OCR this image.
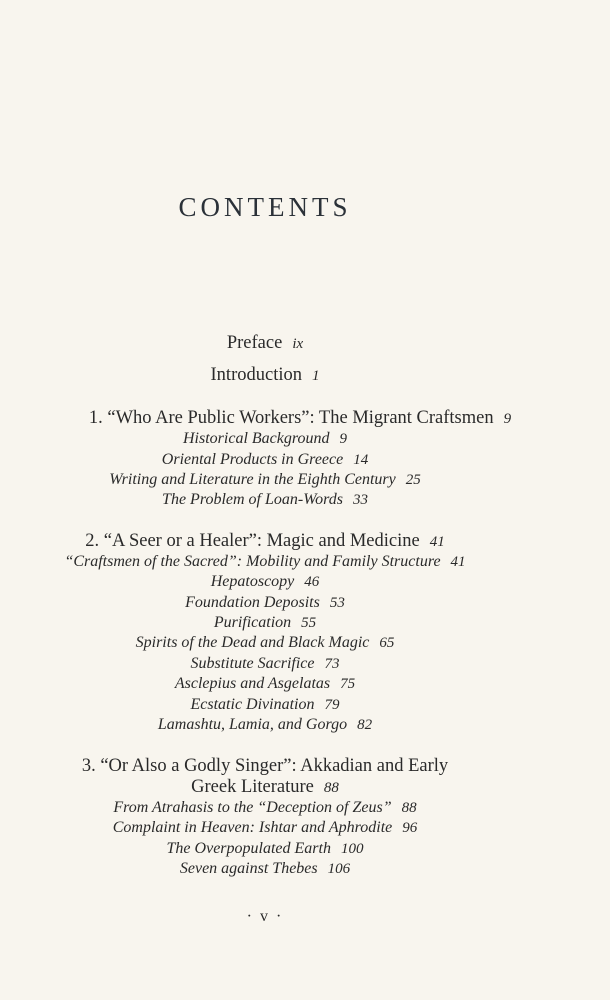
CONTENTS
Preface ix
Introduction 1
1. “Who Are Public Workers”: The Migrant Craftsmen 9
Historical Background 9
Oriental Products in Greece 14
Writing and Literature in the Eighth Century 25
The Problem of Loan-Words 33
2. “A Seer or a Healer”: Magic and Medicine 41
“Craftsmen of the Sacred”: Mobility and Family Structure 41
Hepatoscopy 46
Foundation Deposits 53
Purification 55
Spirits of the Dead and Black Magic 65
Substitute Sacrifice 73
Asclepius and Asgelatas 75
Ecstatic Divination 79
Lamashtu, Lamia, and Gorgo 82
3. “Or Also a Godly Singer”: Akkadian and Early
Greek Literature 88
From Atrahasis to the “Deception of Zeus” 88
Complaint in Heaven: Ishtar and Aphrodite 96
The Overpopulated Earth 100
Seven against Thebes 106
· v ·
